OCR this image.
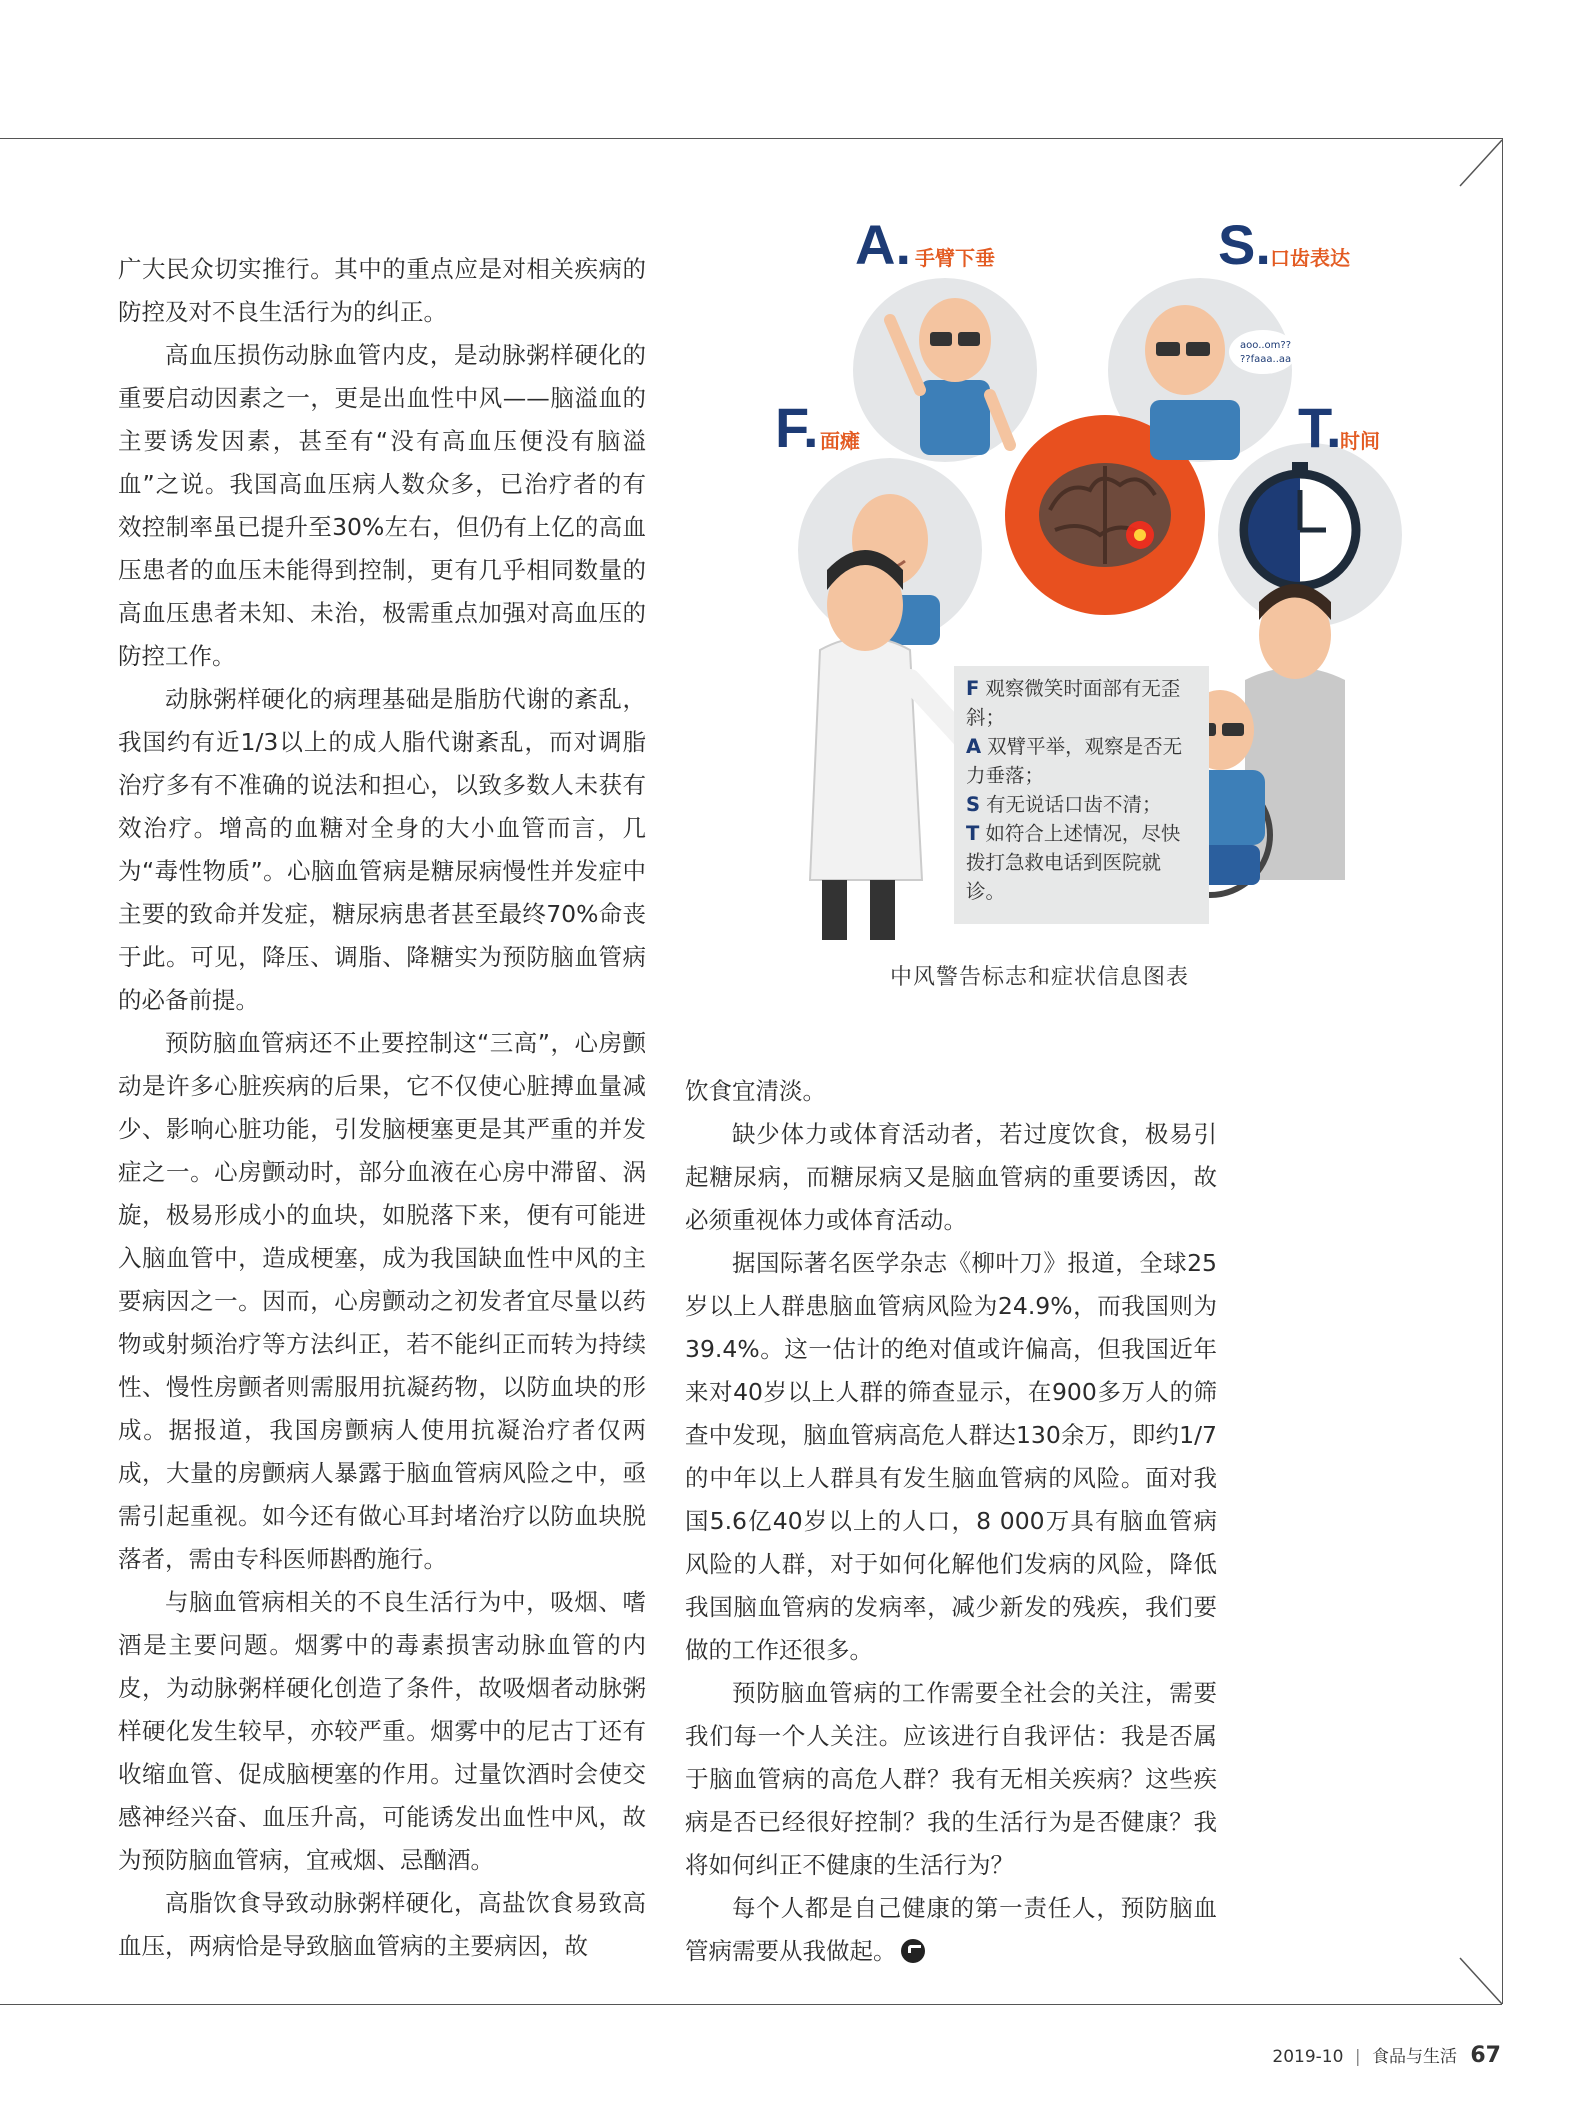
广大民众切实推行。其中的重点应是对相关疾病的防控及对不良生活行为的纠正。

高血压损伤动脉血管内皮，是动脉粥样硬化的重要启动因素之一，更是出血性中风——脑溢血的主要诱发因素，甚至有“没有高血压便没有脑溢血”之说。我国高血压病人数众多，已治疗者的有效控制率虽已提升至30%左右，但仍有上亿的高血压患者的血压未能得到控制，更有几乎相同数量的高血压患者未知、未治，极需重点加强对高血压的防控工作。

动脉粥样硬化的病理基础是脂肪代谢的紊乱，我国约有近1/3以上的成人脂代谢紊乱，而对调脂治疗多有不准确的说法和担心，以致多数人未获有效治疗。增高的血糖对全身的大小血管而言，几为“毒性物质”。心脑血管病是糖尿病慢性并发症中主要的致命并发症，糖尿病患者甚至最终70%命丧于此。可见，降压、调脂、降糖实为预防脑血管病的必备前提。

预防脑血管病还不止要控制这“三高”，心房颤动是许多心脏疾病的后果，它不仅使心脏搏血量减少、影响心脏功能，引发脑梗塞更是其严重的并发症之一。心房颤动时，部分血液在心房中滞留、涡旋，极易形成小的血块，如脱落下来，便有可能进入脑血管中，造成梗塞，成为我国缺血性中风的主要病因之一。因而，心房颤动之初发者宜尽量以药物或射频治疗等方法纠正，若不能纠正而转为持续性、慢性房颤者则需服用抗凝药物，以防血块的形成。据报道，我国房颤病人使用抗凝治疗者仅两成，大量的房颤病人暴露于脑血管病风险之中，亟需引起重视。如今还有做心耳封堵治疗以防血块脱落者，需由专科医师斟酌施行。

与脑血管病相关的不良生活行为中，吸烟、嗜酒是主要问题。烟雾中的毒素损害动脉血管的内皮，为动脉粥样硬化创造了条件，故吸烟者动脉粥样硬化发生较早，亦较严重。烟雾中的尼古丁还有收缩血管、促成脑梗塞的作用。过量饮酒时会使交感神经兴奋、血压升高，可能诱发出血性中风，故为预防脑血管病，宜戒烟、忌酗酒。

高脂饮食导致动脉粥样硬化，高盐饮食易致高血压，两病恰是导致脑血管病的主要病因，故

饮食宜清淡。

缺少体力或体育活动者，若过度饮食，极易引起糖尿病，而糖尿病又是脑血管病的重要诱因，故必须重视体力或体育活动。

据国际著名医学杂志《柳叶刀》报道，全球25岁以上人群患脑血管病风险为24.9%，而我国则为39.4%。这一估计的绝对值或许偏高，但我国近年来对40岁以上人群的筛查显示，在900多万人的筛查中发现，脑血管病高危人群达130余万，即约1/7的中年以上人群具有发生脑血管病的风险。面对我国5.6亿40岁以上的人口，8 000万具有脑血管病风险的人群，对于如何化解他们发病的风险，降低我国脑血管病的发病率，减少新发的残疾，我们要做的工作还很多。

预防脑血管病的工作需要全社会的关注，需要我们每一个人关注。应该进行自我评估：我是否属于脑血管病的高危人群？我有无相关疾病？这些疾病是否已经很好控制？我的生活行为是否健康？我将如何纠正不健康的生活行为？

每个人都是自己健康的第一责任人，预防脑血管病需要从我做起。

aoo..om??
??faaa..aa
A. 手臂下垂	S. 口齿表达
F. 面瘫	T.
时间
F 观察微笑时面部有无歪斜；
A 双臂平举，观察是否无力垂落；
S 有无说话口齿不清；
T 如符合上述情况，尽快拨打急救电话到医院就诊。
中风警告标志和症状信息图表
2019-10 | 食品与生活 67
